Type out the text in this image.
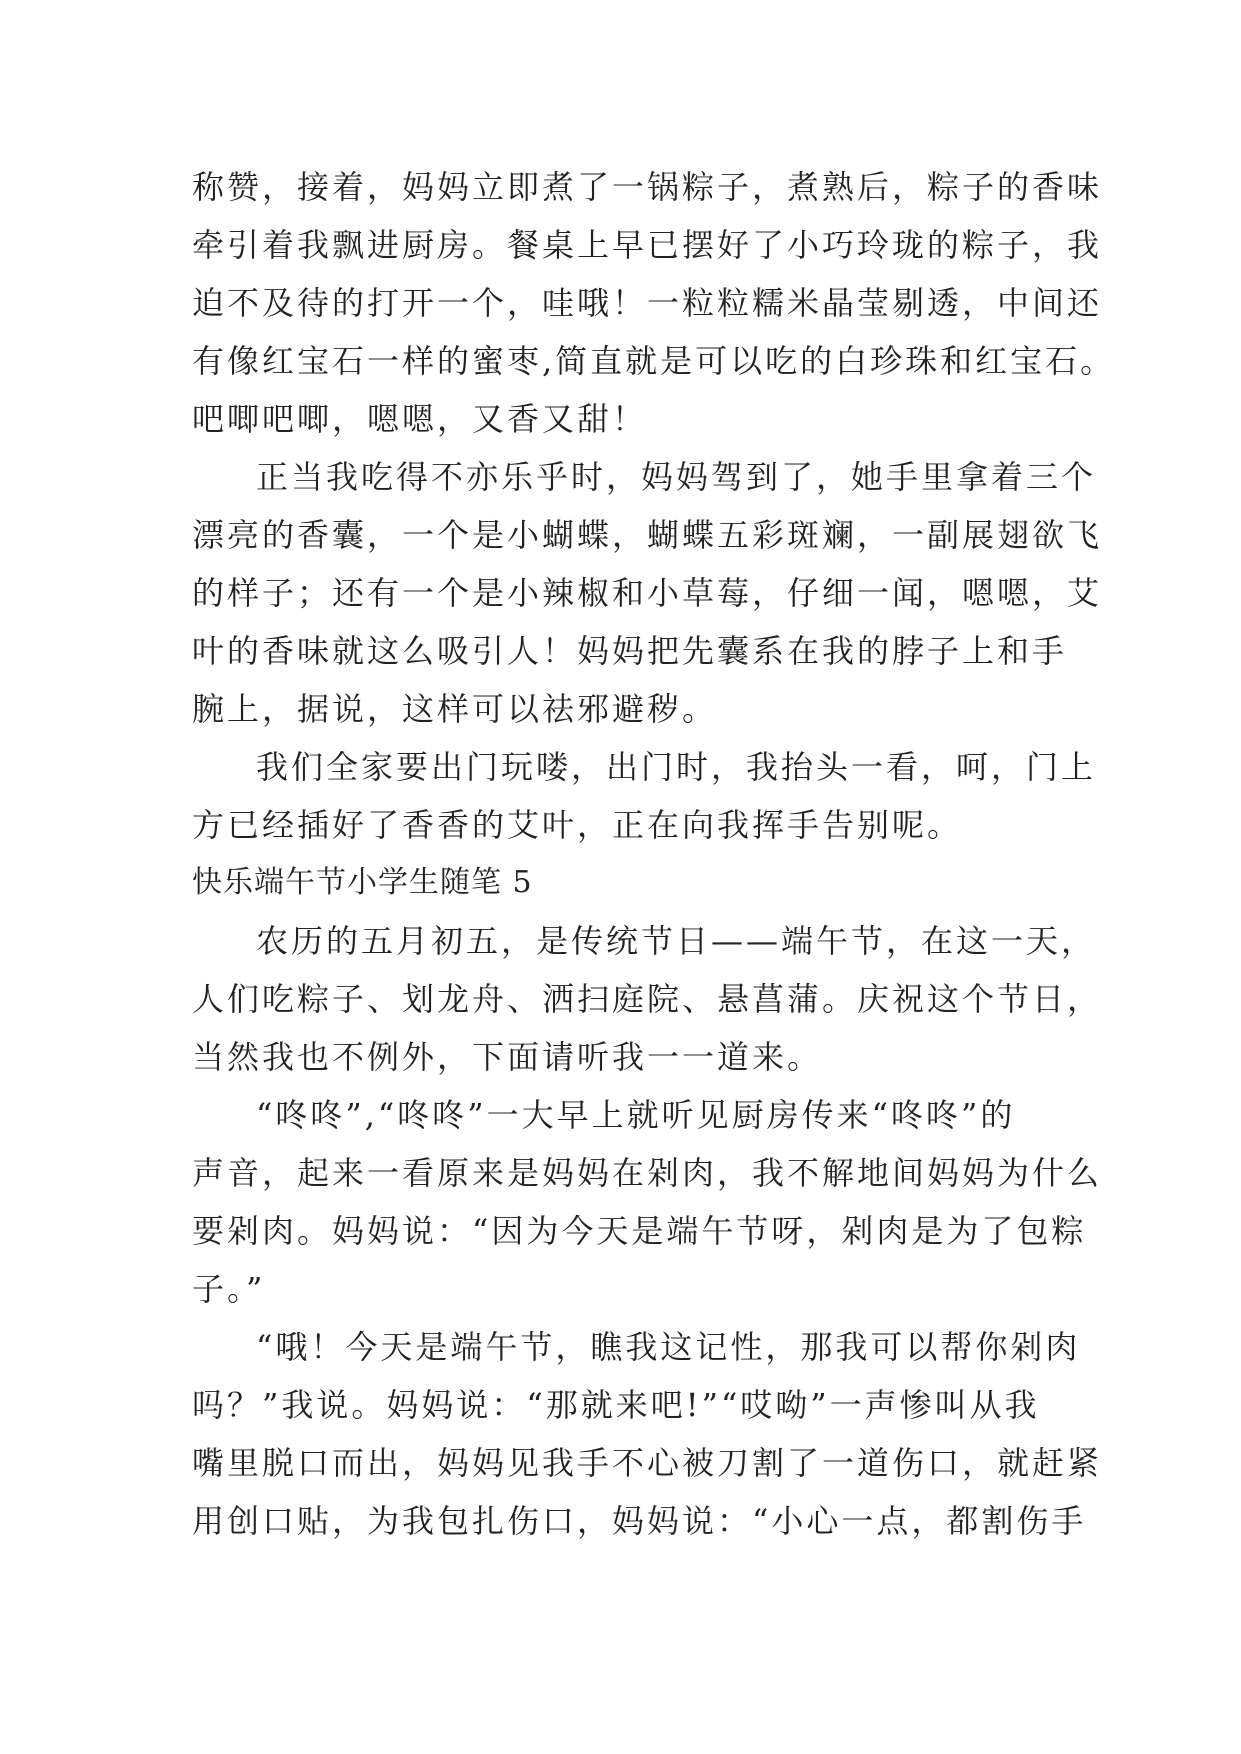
称赞，接着，妈妈立即煮了一锅粽子，煮熟后，粽子的香味
牵引着我飘进厨房。餐桌上早已摆好了小巧玲珑的粽子，我
迫不及待的打开一个，哇哦！一粒粒糯米晶莹剔透，中间还
有像红宝石一样的蜜枣,简直就是可以吃的白珍珠和红宝石。
吧唧吧唧，嗯嗯，又香又甜！
正当我吃得不亦乐乎时，妈妈驾到了，她手里拿着三个
漂亮的香囊，一个是小蝴蝶，蝴蝶五彩斑斓，一副展翅欲飞
的样子；还有一个是小辣椒和小草莓，仔细一闻，嗯嗯，艾
叶的香味就这么吸引人！妈妈把先囊系在我的脖子上和手
腕上，据说，这样可以祛邪避秽。
我们全家要出门玩喽，出门时，我抬头一看，呵，门上
方已经插好了香香的艾叶，正在向我挥手告别呢。
快乐端午节小学生随笔 5
农历的五月初五，是传统节日——端午节，在这一天，
人们吃粽子、划龙舟、洒扫庭院、悬菖蒲。庆祝这个节日，
当然我也不例外，下面请听我一一道来。
“咚咚”,“咚咚”一大早上就听见厨房传来“咚咚”的
声音，起来一看原来是妈妈在剁肉，我不解地间妈妈为什么
要剁肉。妈妈说：“因为今天是端午节呀，剁肉是为了包粽
子。”
“哦！今天是端午节，瞧我这记性，那我可以帮你剁肉
吗？”我说。妈妈说：“那就来吧!”“哎呦”一声惨叫从我
嘴里脱口而出，妈妈见我手不心被刀割了一道伤口，就赶紧
用创口贴，为我包扎伤口，妈妈说：“小心一点，都割伤手
